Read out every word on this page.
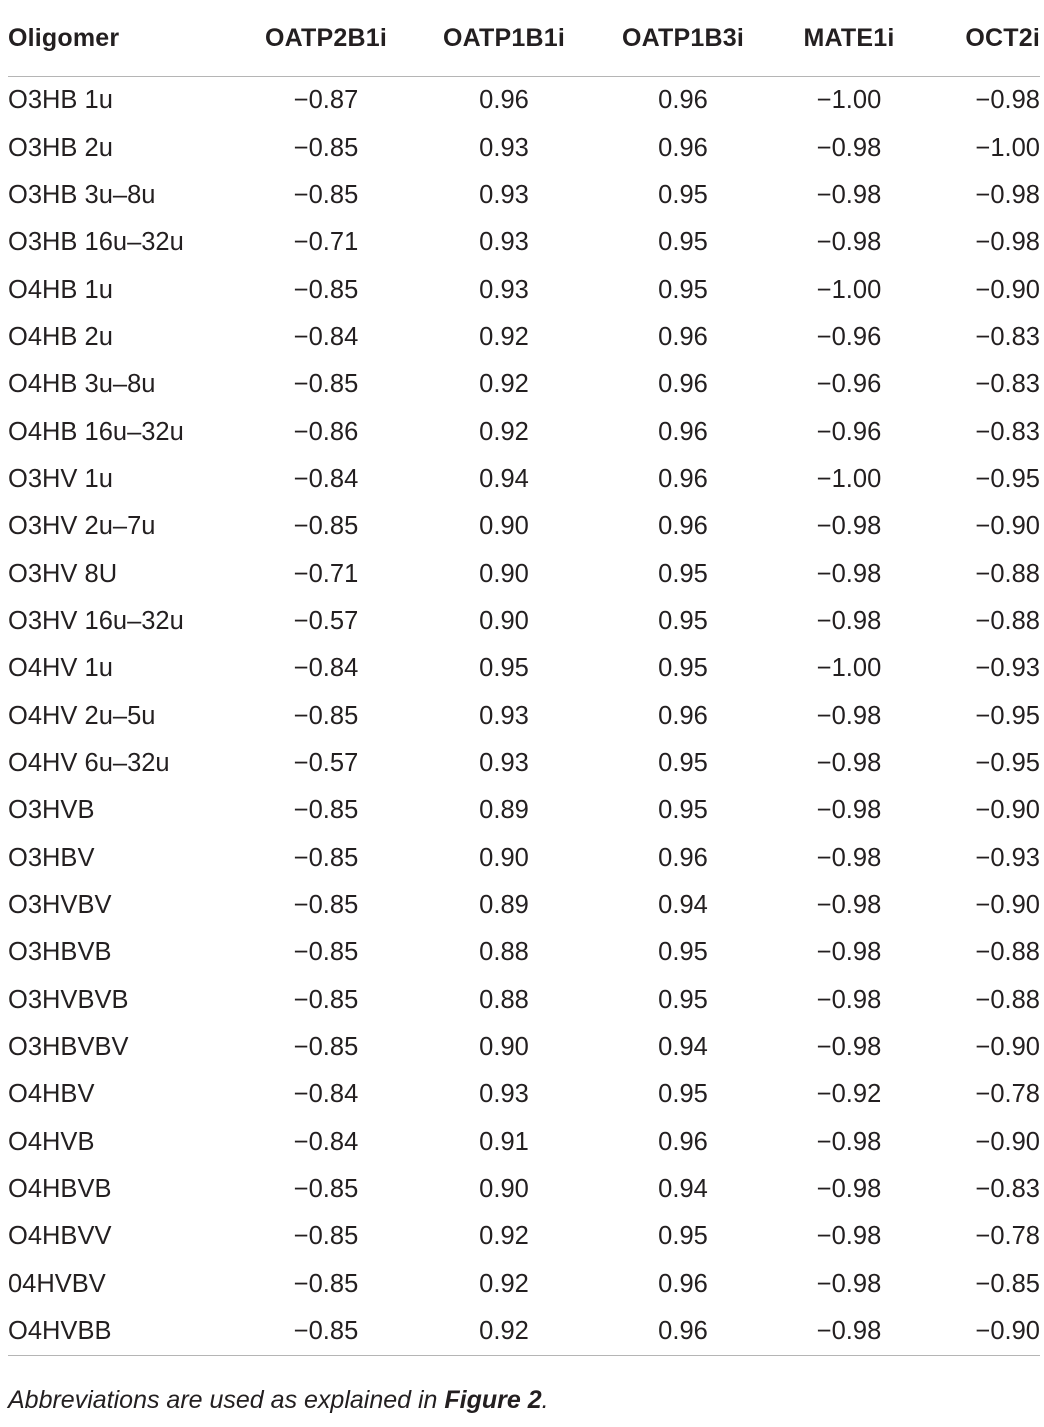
Oligomer	OATP2B1i	OATP1B1i	OATP1B3i	MATE1i	OCT2i
O3HB 1u	−0.87	0.96	0.96	−1.00	−0.98
O3HB 2u	−0.85	0.93	0.96	−0.98	−1.00
O3HB 3u–8u	−0.85	0.93	0.95	−0.98	−0.98
O3HB 16u–32u	−0.71	0.93	0.95	−0.98	−0.98
O4HB 1u	−0.85	0.93	0.95	−1.00	−0.90
O4HB 2u	−0.84	0.92	0.96	−0.96	−0.83
O4HB 3u–8u	−0.85	0.92	0.96	−0.96	−0.83
O4HB 16u–32u	−0.86	0.92	0.96	−0.96	−0.83
O3HV 1u	−0.84	0.94	0.96	−1.00	−0.95
O3HV 2u–7u	−0.85	0.90	0.96	−0.98	−0.90
O3HV 8U	−0.71	0.90	0.95	−0.98	−0.88
O3HV 16u–32u	−0.57	0.90	0.95	−0.98	−0.88
O4HV 1u	−0.84	0.95	0.95	−1.00	−0.93
O4HV 2u–5u	−0.85	0.93	0.96	−0.98	−0.95
O4HV 6u–32u	−0.57	0.93	0.95	−0.98	−0.95
O3HVB	−0.85	0.89	0.95	−0.98	−0.90
O3HBV	−0.85	0.90	0.96	−0.98	−0.93
O3HVBV	−0.85	0.89	0.94	−0.98	−0.90
O3HBVB	−0.85	0.88	0.95	−0.98	−0.88
O3HVBVB	−0.85	0.88	0.95	−0.98	−0.88
O3HBVBV	−0.85	0.90	0.94	−0.98	−0.90
O4HBV	−0.84	0.93	0.95	−0.92	−0.78
O4HVB	−0.84	0.91	0.96	−0.98	−0.90
O4HBVB	−0.85	0.90	0.94	−0.98	−0.83
O4HBVV	−0.85	0.92	0.95	−0.98	−0.78
04HVBV	−0.85	0.92	0.96	−0.98	−0.85
O4HVBB	−0.85	0.92	0.96	−0.98	−0.90
Abbreviations are used as explained in Figure 2.
